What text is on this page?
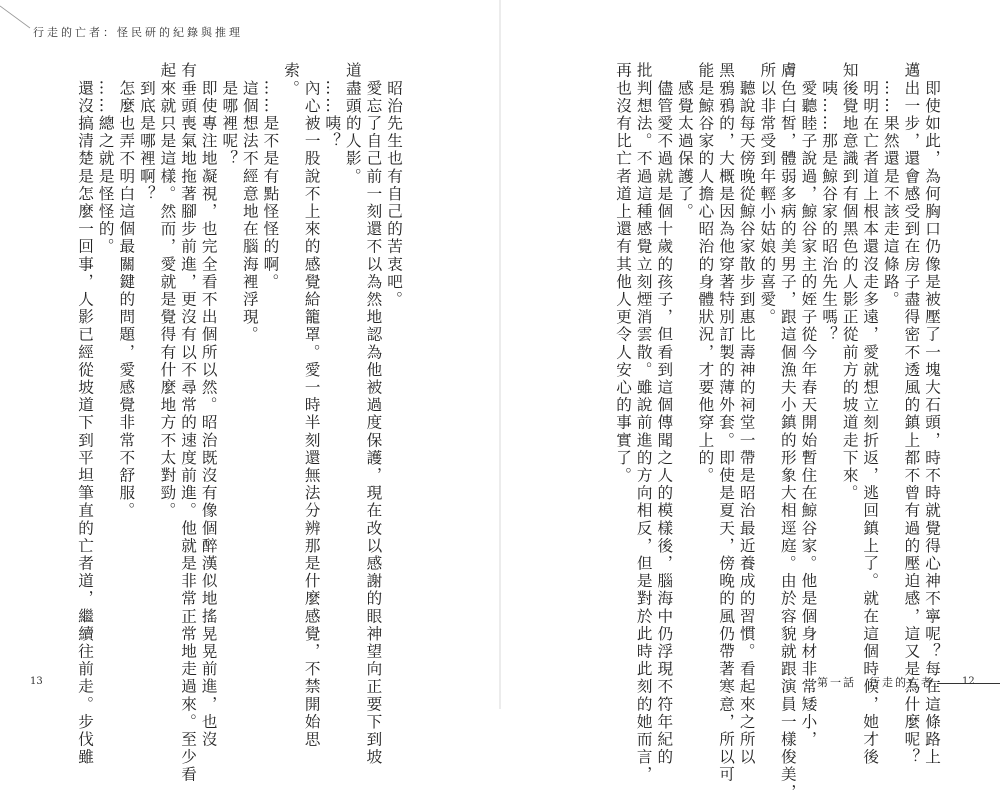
行走的亡者：怪民研的紀錄與推理

　昭治先生也有自己的苦衷吧。

　愛忘了自己前一刻還不以為然地認為他被過度保護，現在改以感謝的眼神望向正要下到坡

道盡頭的人影。

　……咦？

　內心被一股說不上來的感覺給籠罩。愛一時半刻還無法分辨那是什麼感覺，不禁開始思

索。

　……是不是有點怪怪的啊。

　這個想法不經意地在腦海裡浮現。

　是哪裡呢？

　即使專注地凝視，也完全看不出個所以然。昭治既沒有像個醉漢似地搖晃晃前進，也沒

有垂頭喪氣地拖著腳步前進，更沒有以不尋常的速度前進。他就是非常正常地走過來。至少看

起來就只是這樣。然而，愛就是覺得有什麼地方不太對勁。

　到底是哪裡啊？

　怎麼也弄不明白這個最關鍵的問題，愛感覺非常不舒服。

　……總之就是怪怪的。

　還沒搞清楚是怎麼一回事，人影已經從坡道下到平坦筆直的亡者道，繼續往前走。步伐雖

13	　即使如此，為何胸口仍像是被壓了一塊大石頭，時不時就覺得心神不寧呢？每在這條路上

邁出一步，還會感受到在房子盡得密不透風的鎮上都不曾有過的壓迫感，這又是為什麼呢？

　……果然還是不該走這條路。

　明明在亡者道上根本還沒走多遠，愛就想立刻折返，逃回鎮上了。就在這個時候，她才後

知後覺地意識到有個黑色的人影正從前方的坡道走下來。

　咦……那是鯨谷家的昭治先生嗎？

　愛聽睦子說過，鯨谷家主的姪子從今年春天開始暫住在鯨谷家。他是個身材非常矮小，

膚色白皙，體弱多病的美男子，跟這個漁夫小鎮的形象大相逕庭。由於容貌就跟演員一樣俊美，

所以非常受到年輕小姑娘的喜愛。

　聽說每天傍晚從鯨谷家散步到惠比壽神的祠堂一帶是昭治最近養成的習慣。看起來之所以

黑鴉鴉的，大概是因為他穿著特別訂製的薄外套。即使是夏天，傍晚的風仍帶著寒意，所以可

能是鯨谷家的人擔心昭治的身體狀況，才要他穿上的。

　感覺太過保護了。

　儘管愛不過就是個十歲的孩子，但看到這個傳聞之人的模樣後，腦海中仍浮現不符年紀的

批判想法。不過這種感覺立刻煙消雲散。雖說前進的方向相反，但是對於此時此刻的她而言，

再也沒有比亡者道上還有其他人更令人安心的事實了。

第一話　行走的亡者	12
